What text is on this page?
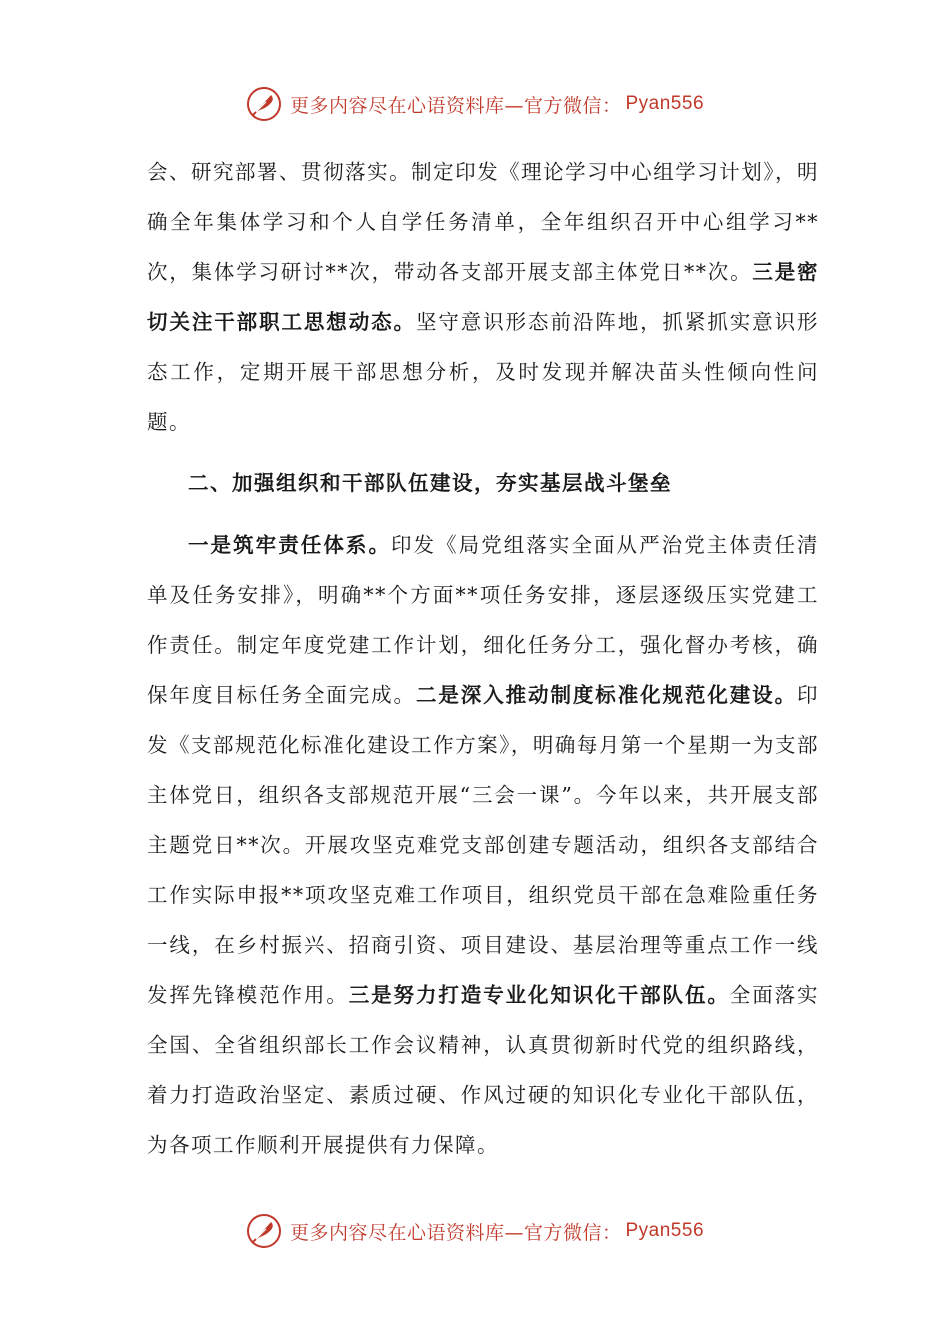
更多内容尽在心语资料库—官方微信： Pyan556
会、研究部署、贯彻落实。制定印发《理论学习中心组学习计划》，明确全年集体学习和个人自学任务清单，全年组织召开中心组学习**次，集体学习研讨**次，带动各支部开展支部主体党日**次。三是密切关注干部职工思想动态。坚守意识形态前沿阵地，抓紧抓实意识形态工作，定期开展干部思想分析，及时发现并解决苗头性倾向性问题。
二、加强组织和干部队伍建设，夯实基层战斗堡垒
一是筑牢责任体系。印发《局党组落实全面从严治党主体责任清单及任务安排》，明确**个方面**项任务安排，逐层逐级压实党建工作责任。制定年度党建工作计划，细化任务分工，强化督办考核，确保年度目标任务全面完成。二是深入推动制度标准化规范化建设。印发《支部规范化标准化建设工作方案》，明确每月第一个星期一为支部主体党日，组织各支部规范开展“三会一课”。今年以来，共开展支部主题党日**次。开展攻坚克难党支部创建专题活动，组织各支部结合工作实际申报**项攻坚克难工作项目，组织党员干部在急难险重任务一线，在乡村振兴、招商引资、项目建设、基层治理等重点工作一线发挥先锋模范作用。三是努力打造专业化知识化干部队伍。全面落实全国、全省组织部长工作会议精神，认真贯彻新时代党的组织路线，着力打造政治坚定、素质过硬、作风过硬的知识化专业化干部队伍，为各项工作顺利开展提供有力保障。
更多内容尽在心语资料库—官方微信： Pyan556
